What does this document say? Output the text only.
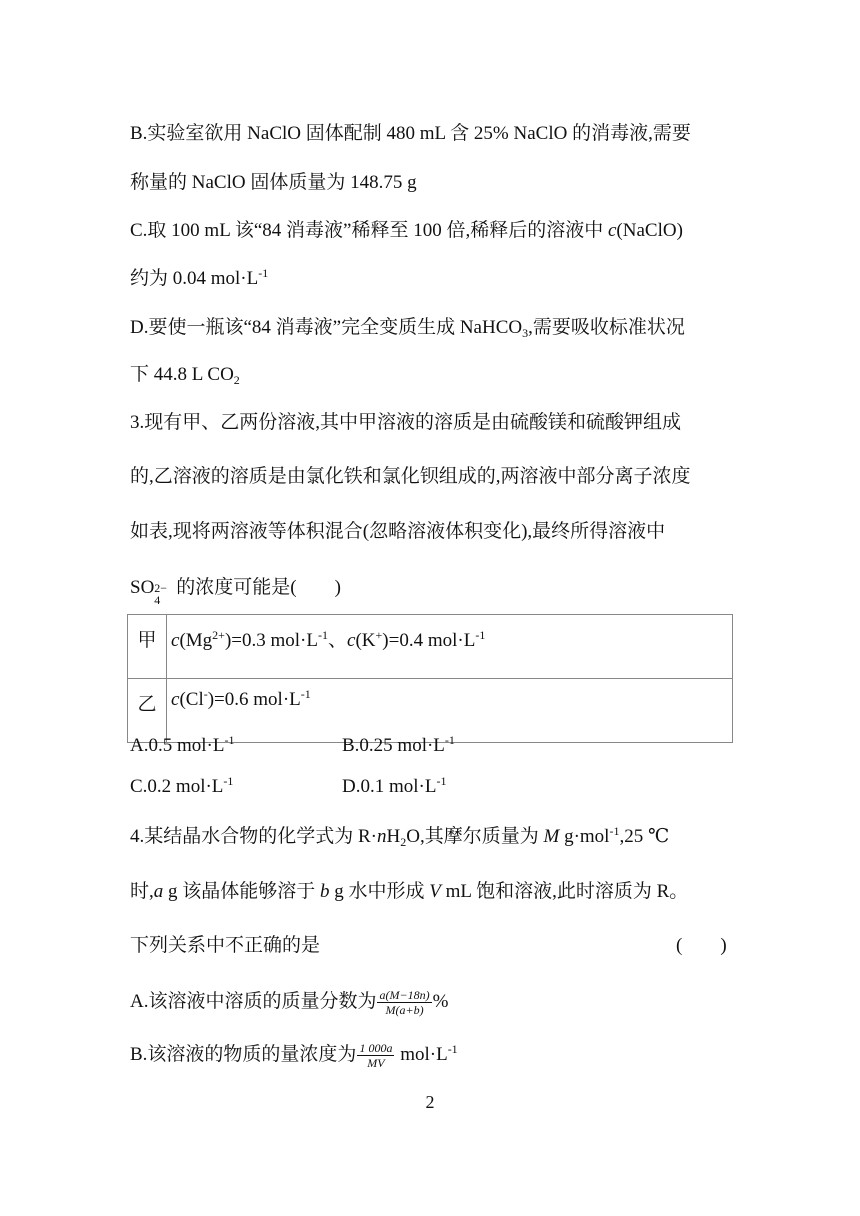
B.实验室欲用 NaClO 固体配制 480 mL 含 25% NaClO 的消毒液,需要
称量的 NaClO 固体质量为 148.75 g
C.取 100 mL 该“84 消毒液”稀释至 100 倍,稀释后的溶液中 c(NaClO)
约为 0.04 $mol\cdot L^{-1}$
D.要使一瓶该“84 消毒液”完全变质生成 NaHCO$_3$,需要吸收标准状况
下 44.8 L $CO_2$
3.现有甲、乙两份溶液,其中甲溶液的溶质是由硫酸镁和硫酸钾组成
的,乙溶液的溶质是由氯化铁和氯化钡组成的,两溶液中部分离子浓度
如表,现将两溶液等体积混合(忽略溶液体积变化),最终所得溶液中
SO 2−
4
的浓度可能是(　　)
甲	$c(Mg^{2+})=0.3$ $mol\cdot L^{-1}$、c(K+)=0.4 $mol\cdot L^{-1}$
乙	c(Cl-)=0.6 $mol\cdot L^{-1}$
A.0.5 $mol\cdot L^{-1}$	B.0.25 $mol\cdot L^{-1}$
C.0.2 $mol\cdot L^{-1}$	D.0.1 $mol\cdot L^{-1}$
4.某结晶水合物的化学式为 $R\cdot nH_2O$,其摩尔质量为 M g·mol$^{-1}$,25 ℃
时,a g 该晶体能够溶于 b g 水中形成 V mL 饱和溶液,此时溶质为 R。
下列关系中不正确的是	(　　)
A.该溶液中溶质的质量分数为 $\frac{a(M-18n)}{M(a+b)}$ %
B.该溶液的物质的量浓度为 $\frac{1 000a}{MV} mol\cdot L^{-1}$
2
